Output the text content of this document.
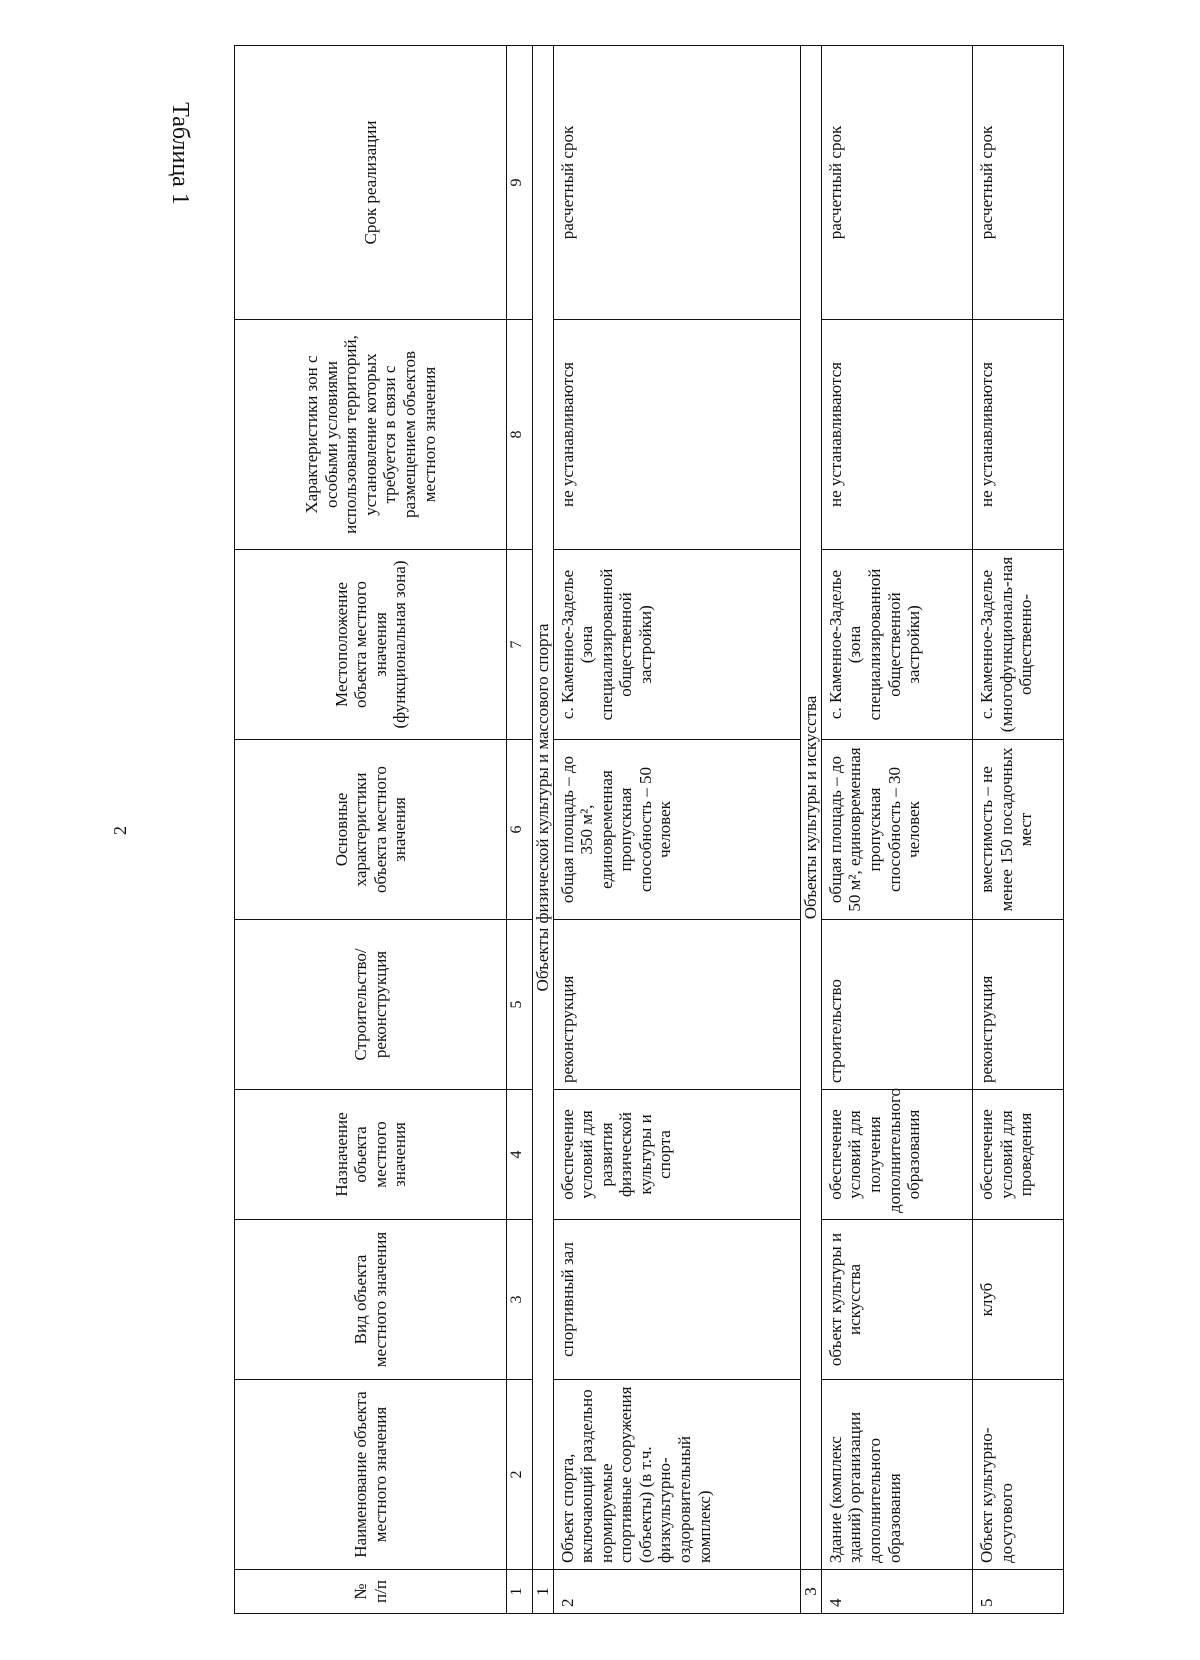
2
Таблица 1
№ п/п	Наименование объекта местного значения	Вид объекта местного значения	Назначение объекта местного значения	Строительство/ реконструкция	Основные характеристики объекта местного значения	Местоположение объекта местного значения (функциональная зона)	Характеристики зон с особыми условиями использования территорий, установление которых требуется в связи с размещением объектов местного значения	Срок реализации
1	2	3	4	5	6	7	8	9
1	Объекты физической культуры и массового спорта							
2	Объект спорта, включающий раздельно нормируемые спортивные сооружения (объекты) (в т.ч. физкультурно-оздоровительный комплекс)	спортивный зал	обеспечение условий для развития физической культуры и спорта	реконструкция	общая площадь – до 350 м², единовременная пропускная способность – 50 человек	с. Каменное-Заделье (зона специализированной общественной застройки)	не устанавливаются	расчетный срок
3	Объекты культуры и искусства							
4	Здание (комплекс зданий) организации дополнительного образования	объект культуры и искусства	обеспечение условий для получения дополнительного образования	строительство	общая площадь – до 50 м², единовременная пропускная способность – 30 человек	с. Каменное-Заделье (зона специализированной общественной застройки)	не устанавливаются	расчетный срок
5	Объект культурно-досугового	клуб	обеспечение условий для проведения	реконструкция	вместимость – не менее 150 посадочных мест	с. Каменное-Заделье (многофункциональ-ная общественно-	не устанавливаются	расчетный срок
